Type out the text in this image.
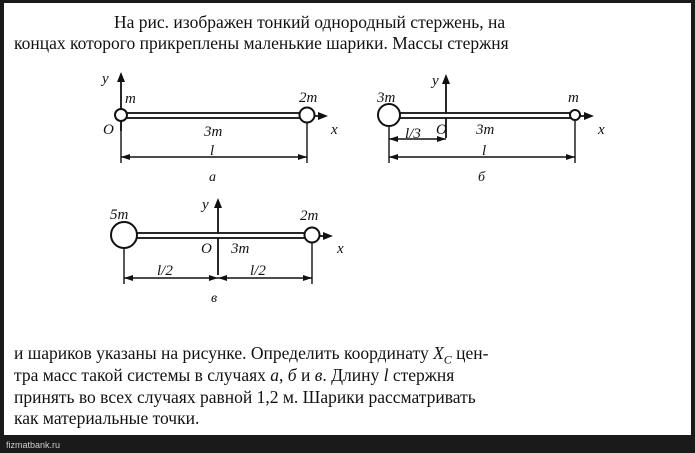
На рис. изображен тонкий однородный стержень, на

концах которого прикреплены маленькие шарики. Массы стержня

y
m	2m
O	3m	x
l
а
y
3m	m
O 3m	x
l/3
l
б
y
5m	2m
O 3m	x
l/2	l/2
в

и шариков указаны на рисунке. Определить координату $X_C$ цен-

тра масс такой системы в случаях а, б и в. Длину l стержня

принять во всех случаях равной 1,2 м. Шарики рассматривать

как материальные точки.

fizmatbank.ru
